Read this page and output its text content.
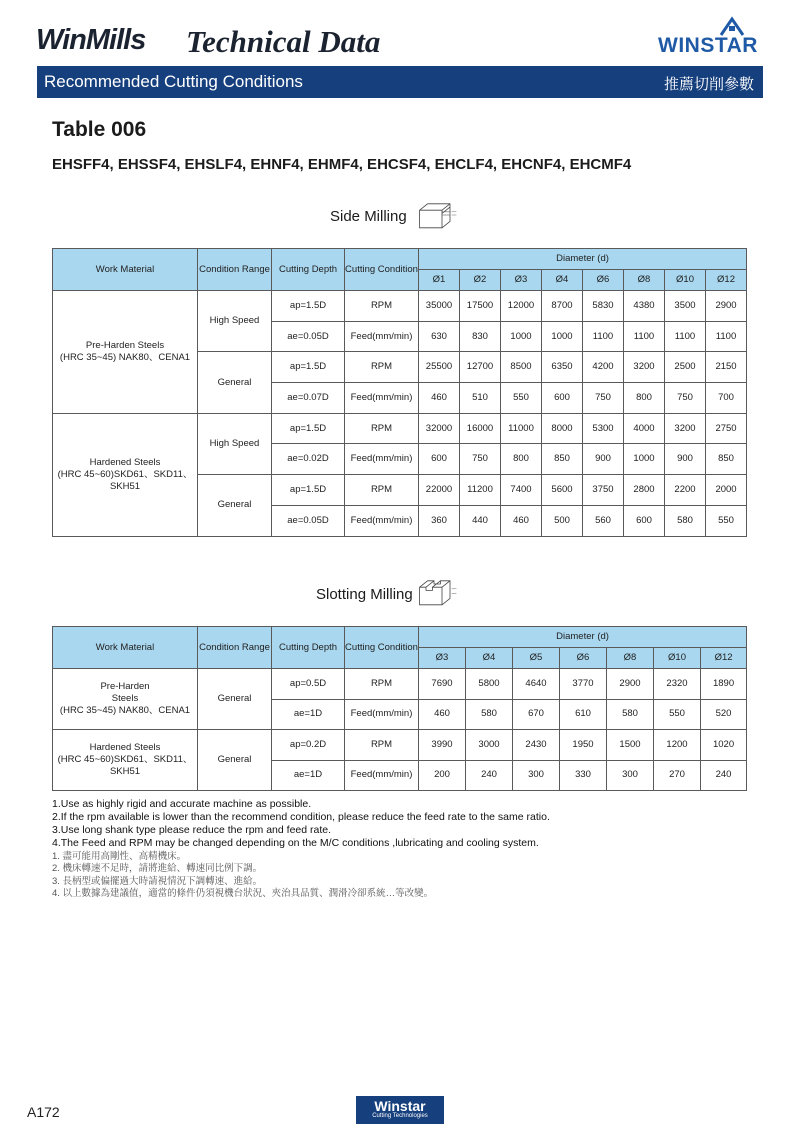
WinMills Technical Data	WINSTAR
Recommended Cutting Conditions	推薦切削參數
Table 006
EHSFF4, EHSSF4, EHSLF4, EHNF4, EHMF4, EHCSF4, EHCLF4, EHCNF4, EHCMF4
Side Milling
Work Material	Condition Range	Cutting Depth	Cutting Condition	Diameter (d)							
				Ø1	Ø2	Ø3	Ø4	Ø6	Ø8	Ø10	Ø12

Pre-Harden Steels
(HRC 35~45) NAK80、CENA1	High Speed	ap=1.5D	RPM	35000	17500	12000	8700	5830	4380	3500	2900
		ae=0.05D	Feed(mm/min)	630	830	1000	1000	1100	1100	1100	1100
	General	ap=1.5D	RPM	25500	12700	8500	6350	4200	3200	2500	2150
		ae=0.07D	Feed(mm/min)	460	510	550	600	750	800	750	700

Hardened Steels
(HRC 45~60)SKD61、SKD11、
SKH51	High Speed	ap=1.5D	RPM	32000	16000	11000	8000	5300	4000	3200	2750
		ae=0.02D	Feed(mm/min)	600	750	800	850	900	1000	900	850
	General	ap=1.5D	RPM	22000	11200	7400	5600	3750	2800	2200	2000
		ae=0.05D	Feed(mm/min)	360	440	460	500	560	600	580	550
Slotting Milling
Work Material	Condition Range	Cutting Depth	Cutting Condition	Diameter (d)						
				Ø3	Ø4	Ø5	Ø6	Ø8	Ø10	Ø12

Pre-Harden
Steels
(HRC 35~45) NAK80、CENA1	General	ap=0.5D	RPM	7690	5800	4640	3770	2900	2320	1890
		ae=1D	Feed(mm/min)	460	580	670	610	580	550	520

Hardened Steels
(HRC 45~60)SKD61、SKD11、
SKH51	General	ap=0.2D	RPM	3990	3000	2430	1950	1500	1200	1020
		ae=1D	Feed(mm/min)	200	240	300	330	300	270	240
1.Use as highly rigid and accurate machine as possible.
2.If the rpm available is lower than the recommend condition, please reduce the feed rate to the same ratio.
3.Use long shank type please reduce the rpm and feed rate.
4.The Feed and RPM may be changed depending on the M/C conditions ,lubricating and cooling system.
1. 盡可能用高剛性、高精機床。
2. 機床轉速不足時，請將進給、轉速同比例下調。
3. 長柄型或偏擺過大時請視情況下調轉速、進給。
4. 以上數據為建議值，適當的條件仍須視機台狀況、夾治具品質、潤滑冷卻系統…等改變。
A172	Winstar
Cutting Technologies
